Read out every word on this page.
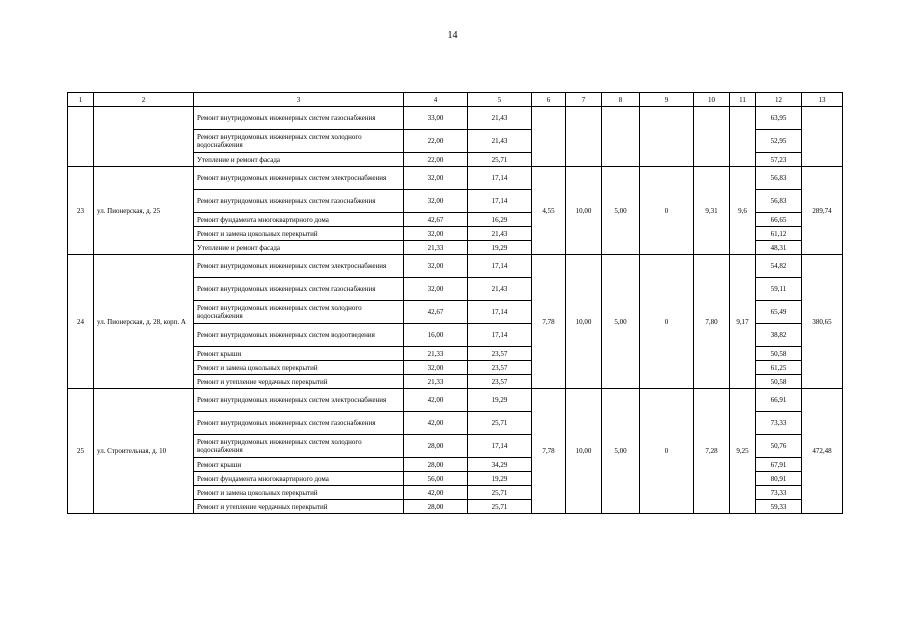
14
1	2	3	4	5	6	7	8	9	10	11	12	13
		Ремонт внутридомовых инженерных систем газоснабжения	33,00	21,43							63,95	
		Ремонт внутридомовых инженерных систем холодного водоснабжения	22,00	21,43							52,95	
		Утепление и ремонт фасада	22,00	25,71							57,23	
23	ул. Пионерская, д. 25	Ремонт внутридомовых инженерных систем электроснабжения	32,00	17,14	4,55	10,00	5,00	0	9,31	9,6	56,83	289,74
		Ремонт внутридомовых инженерных систем газоснабжения	32,00	17,14							56,83	
		Ремонт фундамента многоквартирного дома	42,67	16,29							66,65	
		Ремонт и замена цокольных перекрытий	32,00	21,43							61,12	
		Утепление и ремонт фасада	21,33	19,29							48,31	
24	ул. Пионерская, д. 28, корп. А	Ремонт внутридомовых инженерных систем электроснабжения	32,00	17,14	7,78	10,00	5,00	0	7,80	9,17	54,82	380,65
		Ремонт внутридомовых инженерных систем газоснабжения	32,00	21,43							59,11	
		Ремонт внутридомовых инженерных систем холодного водоснабжения	42,67	17,14							65,49	
		Ремонт внутридомовых инженерных систем водоотведения	16,00	17,14							38,82	
		Ремонт крыши	21,33	23,57							50,58	
		Ремонт и замена цокольных перекрытий	32,00	23,57							61,25	
		Ремонт и утепление чердачных перекрытий	21,33	23,57							50,58	
25	ул. Строительная, д. 10	Ремонт внутридомовых инженерных систем электроснабжения	42,00	19,29	7,78	10,00	5,00	0	7,28	9,25	66,91	472,48
		Ремонт внутридомовых инженерных систем газоснабжения	42,00	25,71							73,33	
		Ремонт внутридомовых инженерных систем холодного водоснабжения	28,00	17,14							50,76	
		Ремонт крыши	28,00	34,29							67,91	
		Ремонт фундамента многоквартирного дома	56,00	19,29							80,91	
		Ремонт и замена цокольных перекрытий	42,00	25,71							73,33	
		Ремонт и утепление чердачных перекрытий	28,00	25,71							59,33	
